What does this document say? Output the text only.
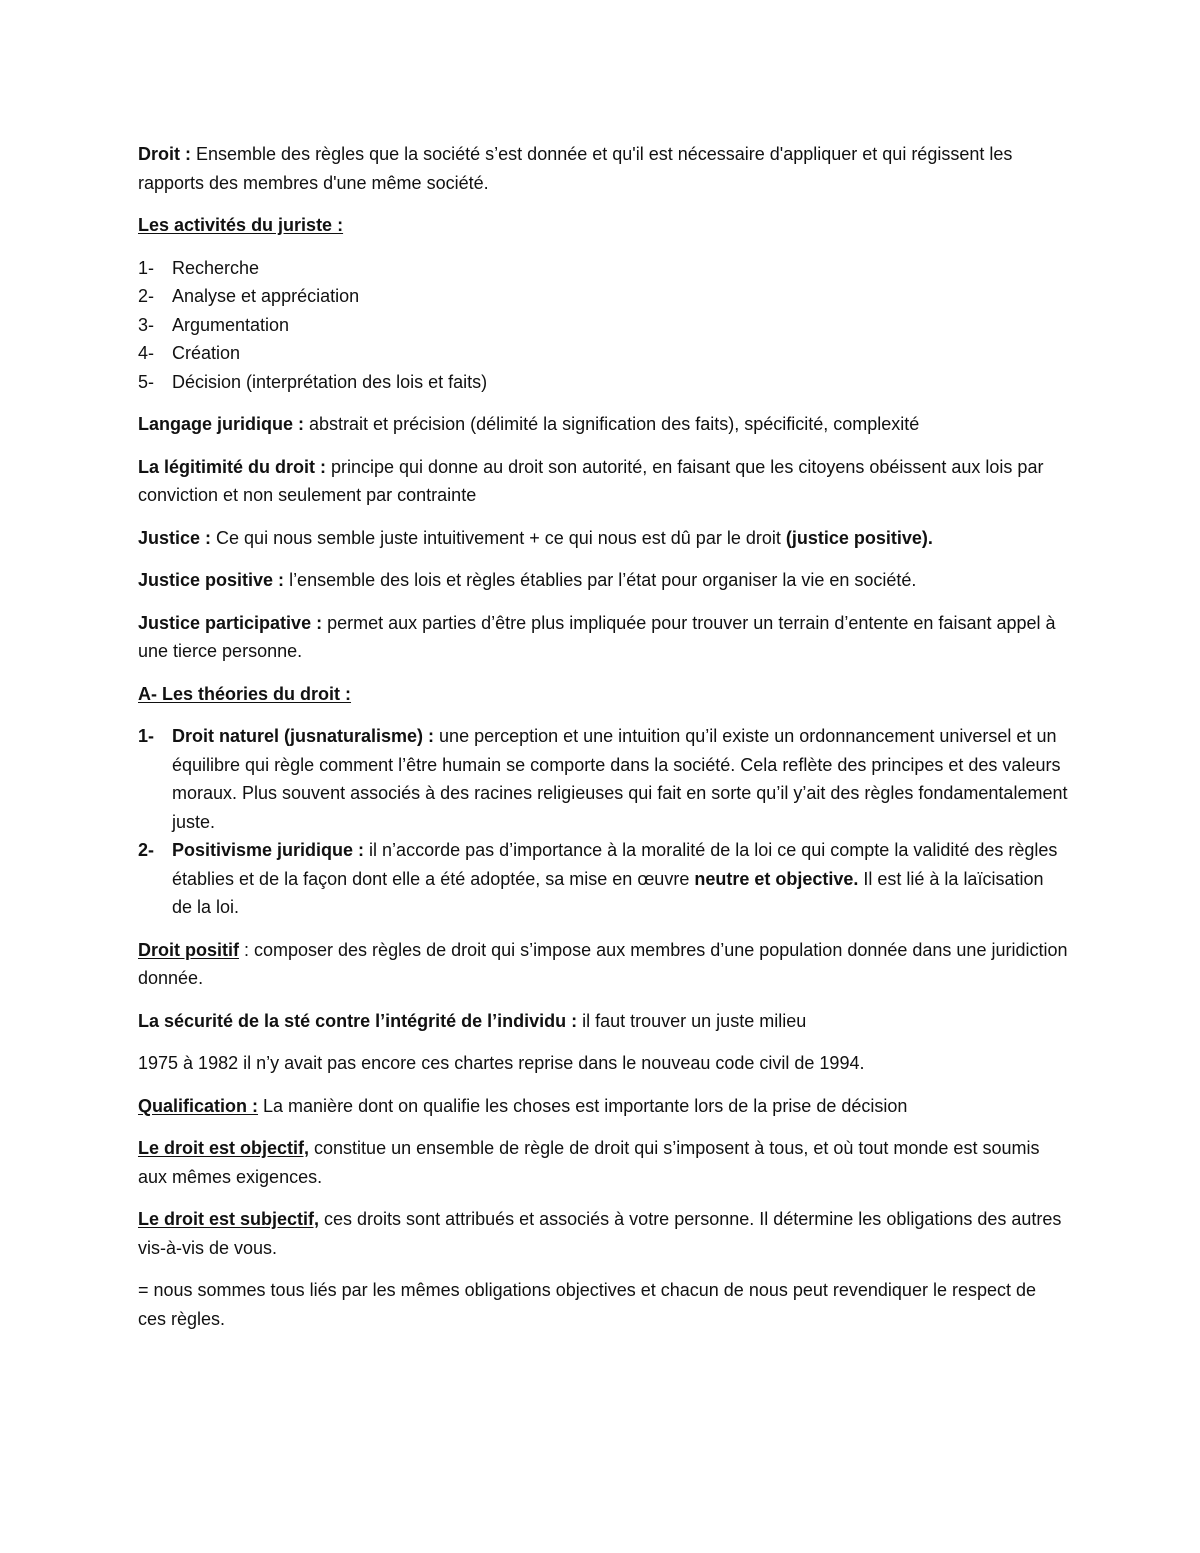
Droit : Ensemble des règles que la société s’est donnée et qu'il est nécessaire d'appliquer et qui régissent les rapports des membres d'une même société.

Les activités du juriste :

1- Recherche
2- Analyse et appréciation
3- Argumentation
4- Création
5- Décision (interprétation des lois et faits)

Langage juridique : abstrait et précision (délimité la signification des faits), spécificité, complexité

La légitimité du droit : principe qui donne au droit son autorité, en faisant que les citoyens obéissent aux lois par conviction et non seulement par contrainte

Justice : Ce qui nous semble juste intuitivement + ce qui nous est dû par le droit (justice positive).

Justice positive : l’ensemble des lois et règles établies par l’état pour organiser la vie en société.

Justice participative : permet aux parties d’être plus impliquée pour trouver un terrain d’entente en faisant appel à une tierce personne.

A- Les théories du droit :

1- Droit naturel (jusnaturalisme) : une perception et une intuition qu’il existe un ordonnancement universel et un équilibre qui règle comment l’être humain se comporte dans la société. Cela reflète des principes et des valeurs moraux. Plus souvent associés à des racines religieuses qui fait en sorte qu’il y’ait des règles fondamentalement juste.
2- Positivisme juridique : il n’accorde pas d’importance à la moralité de la loi ce qui compte la validité des règles établies et de la façon dont elle a été adoptée, sa mise en œuvre neutre et objective. Il est lié à la laïcisation de la loi.

Droit positif : composer des règles de droit qui s’impose aux membres d’une population donnée dans une juridiction donnée.

La sécurité de la sté contre l’intégrité de l’individu : il faut trouver un juste milieu

1975 à 1982 il n’y avait pas encore ces chartes reprise dans le nouveau code civil de 1994.

Qualification : La manière dont on qualifie les choses est importante lors de la prise de décision

Le droit est objectif, constitue un ensemble de règle de droit qui s’imposent à tous, et où tout monde est soumis aux mêmes exigences.

Le droit est subjectif, ces droits sont attribués et associés à votre personne. Il détermine les obligations des autres vis-à-vis de vous.

= nous sommes tous liés par les mêmes obligations objectives et chacun de nous peut revendiquer le respect de ces règles.
